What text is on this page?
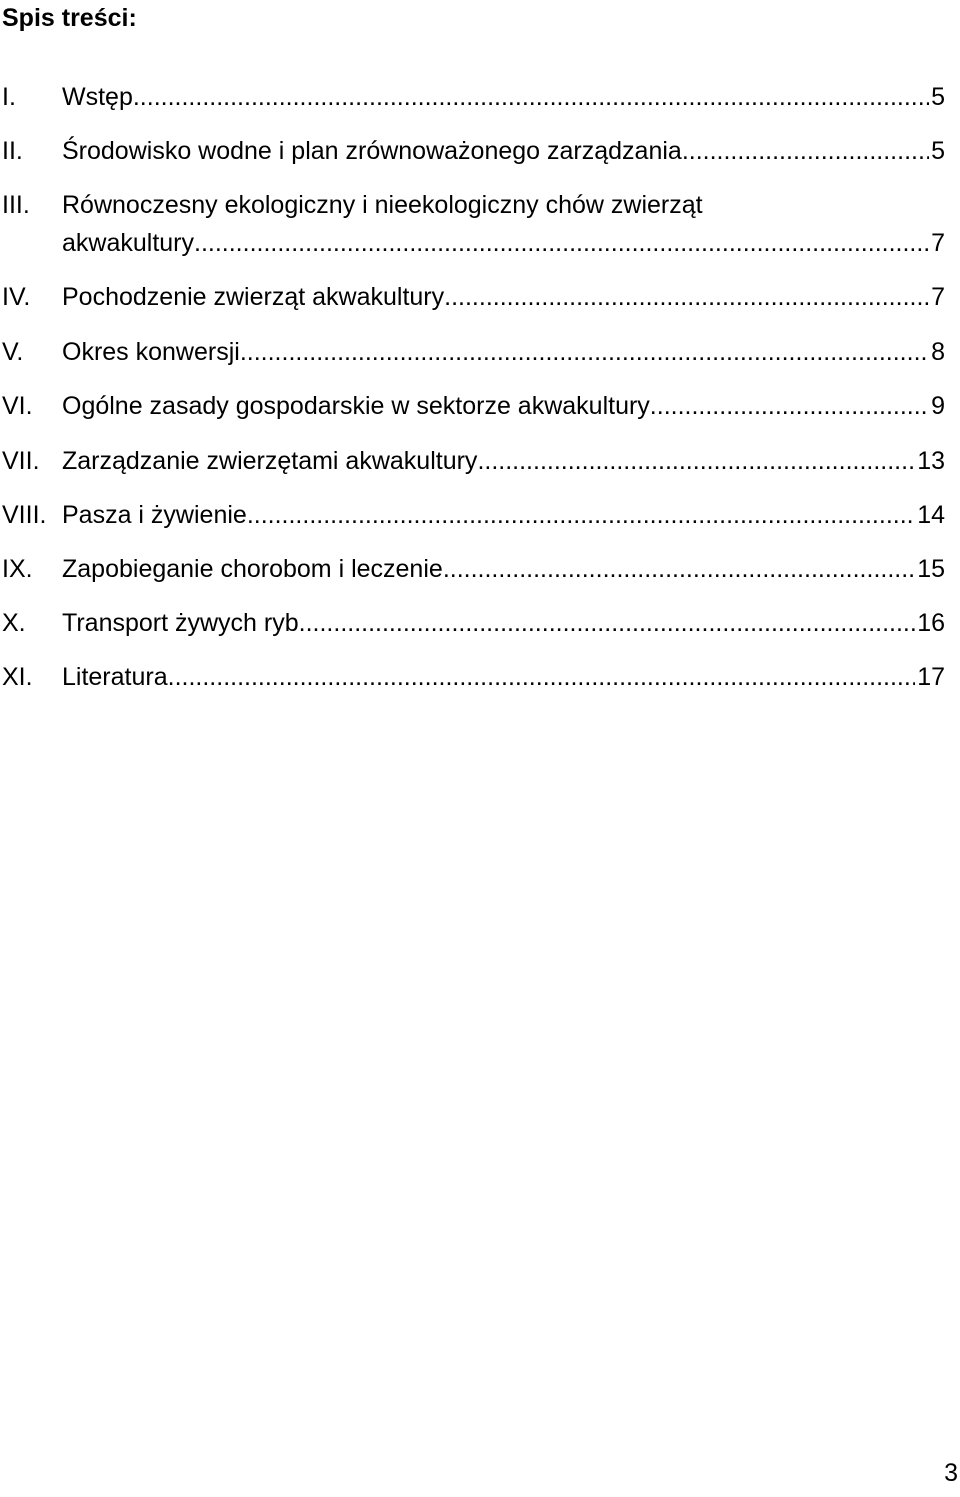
Spis treści:
I. Wstęp .....	5
II. Środowisko wodne i plan zrównoważonego zarządzania .....	5
III. Równoczesny ekologiczny i nieekologiczny chów zwierząt
akwakultury .....	7
IV. Pochodzenie zwierząt akwakultury .....	7
V. Okres konwersji .....	8
VI. Ogólne zasady gospodarskie w sektorze akwakultury .....	9
VII. Zarządzanie zwierzętami akwakultury .....	13
VIII. Pasza i żywienie .....	14
IX. Zapobieganie chorobom i leczenie .....	15
X. Transport żywych ryb .....	16
XI. Literatura .....	17
3
